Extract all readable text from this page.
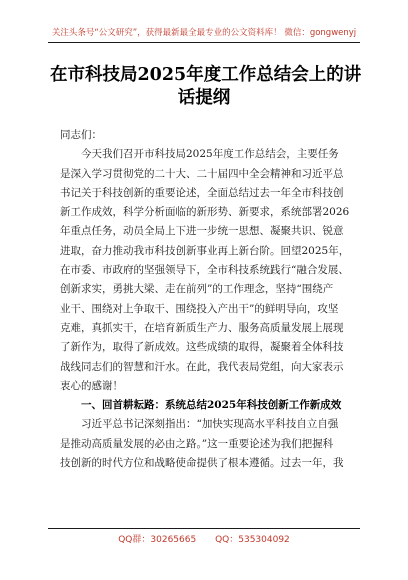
关注头条号“公文研究”，获得最新最全最专业的公文资料库！ 微信：gongwenyj
在市科技局2025年度工作总结会上的讲
话提纲

同志们：

今天我们召开市科技局2025年度工作总结会，主要任务
是深入学习贯彻党的二十大、二十届四中全会精神和习近平总
书记关于科技创新的重要论述，全面总结过去一年全市科技创
新工作成效，科学分析面临的新形势、新要求，系统部署2026
年重点任务，动员全局上下进一步统一思想、凝聚共识、锐意
进取，奋力推动我市科技创新事业再上新台阶。回望2025年，
在市委、市政府的坚强领导下，全市科技系统践行“融合发展、
创新求实，勇挑大梁、走在前列”的工作理念，坚持“围绕产
业干、围绕对上争取干、围绕投入产出干”的鲜明导向，攻坚
克难，真抓实干，在培育新质生产力、服务高质量发展上展现
了新作为，取得了新成效。这些成绩的取得，凝聚着全体科技
战线同志们的智慧和汗水。在此，我代表局党组，向大家表示
衷心的感谢！

一、回首耕耘路：系统总结2025年科技创新工作新成效

习近平总书记深刻指出：“加快实现高水平科技自立自强
是推动高质量发展的必由之路。”这一重要论述为我们把握科
技创新的时代方位和战略使命提供了根本遵循。过去一年，我

QQ群：30265665 QQ：535304092
